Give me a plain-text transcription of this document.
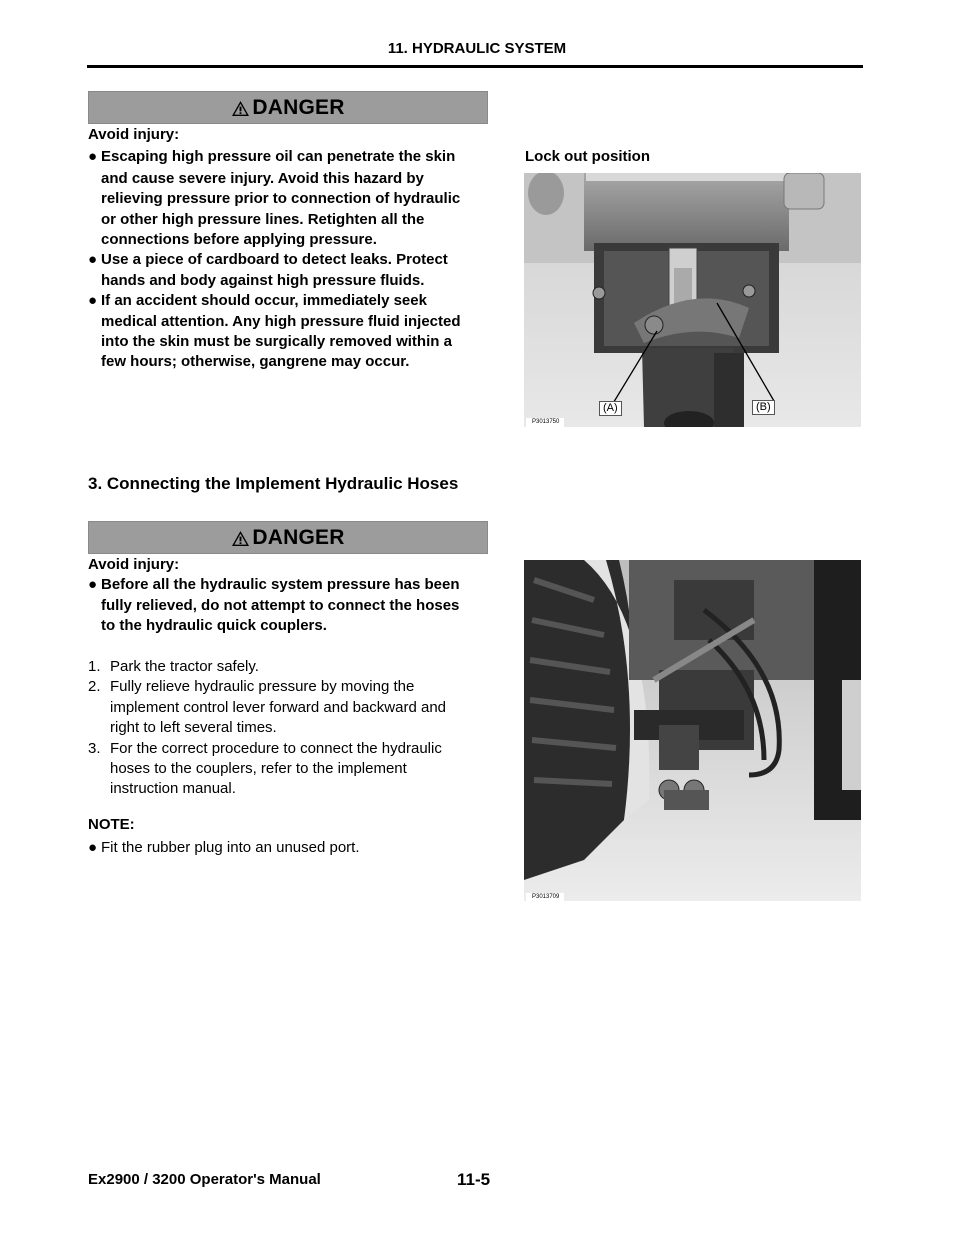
11. HYDRAULIC SYSTEM
DANGER
Avoid injury:
● Escaping high pressure oil can penetrate the skin
and cause severe injury. Avoid this hazard by
relieving pressure prior to connection of hydraulic
or other high pressure lines. Retighten all the
connections before applying pressure.
● Use a piece of cardboard to detect leaks. Protect
hands and body against high pressure fluids.
● If an accident should occur, immediately seek
medical attention. Any high pressure fluid injected
into the skin must be surgically removed within a
few hours; otherwise, gangrene may occur.
Lock out position
(A)	(B)
P3013750
3. Connecting the Implement Hydraulic Hoses
DANGER
Avoid injury:
● Before all the hydraulic system pressure has been
fully relieved, do not attempt to connect the hoses
to the hydraulic quick couplers.
1. Park the tractor safely.
2. Fully relieve hydraulic pressure by moving the
implement control lever forward and backward and
right to left several times.
3. For the correct procedure to connect the hydraulic
hoses to the couplers, refer to the implement
instruction manual.
NOTE:
● Fit the rubber plug into an unused port.
P3013709
Ex2900 / 3200 Operator's Manual	11-5
